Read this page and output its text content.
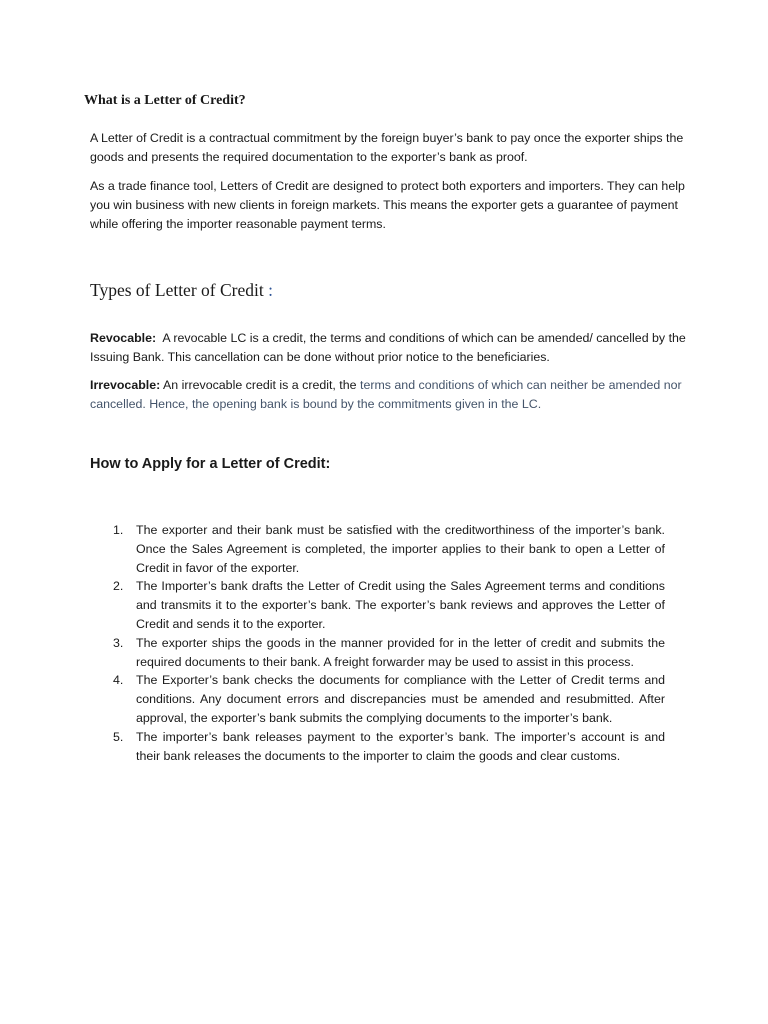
What is a Letter of Credit?

A Letter of Credit is a contractual commitment by the foreign buyer’s bank to pay once the exporter ships the goods and presents the required documentation to the exporter’s bank as proof.

As a trade finance tool, Letters of Credit are designed to protect both exporters and importers. They can help you win business with new clients in foreign markets. This means the exporter gets a guarantee of payment while offering the importer reasonable payment terms.

Types of Letter of Credit :

Revocable: A revocable LC is a credit, the terms and conditions of which can be amended/ cancelled by the Issuing Bank. This cancellation can be done without prior notice to the beneficiaries.

Irrevocable: An irrevocable credit is a credit, the terms and conditions of which can neither be amended nor cancelled. Hence, the opening bank is bound by the commitments given in the LC.

How to Apply for a Letter of Credit:
1. The exporter and their bank must be satisfied with the creditworthiness of the importer’s bank. Once the Sales Agreement is completed, the importer applies to their bank to open a Letter of Credit in favor of the exporter.
2. The Importer’s bank drafts the Letter of Credit using the Sales Agreement terms and conditions and transmits it to the exporter’s bank. The exporter’s bank reviews and approves the Letter of Credit and sends it to the exporter.
3. The exporter ships the goods in the manner provided for in the letter of credit and submits the required documents to their bank. A freight forwarder may be used to assist in this process.
4. The Exporter’s bank checks the documents for compliance with the Letter of Credit terms and conditions. Any document errors and discrepancies must be amended and resubmitted. After approval, the exporter’s bank submits the complying documents to the importer’s bank.
5. The importer’s bank releases payment to the exporter’s bank. The importer’s account is and their bank releases the documents to the importer to claim the goods and clear customs.
